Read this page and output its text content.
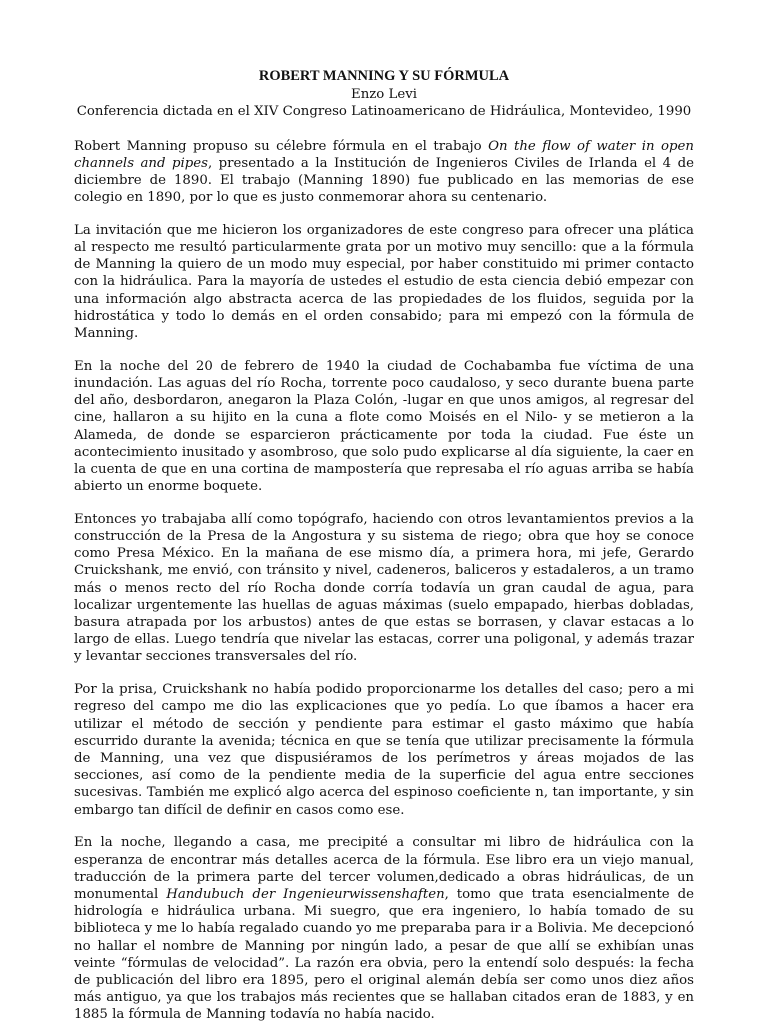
ROBERT MANNING Y SU FÓRMULA

Enzo Levi

Conferencia dictada en el XIV Congreso Latinoamericano de Hidráulica, Montevideo, 1990

Robert Manning propuso su célebre fórmula en el trabajo On the flow of water in open channels and pipes, presentado a la Institución de Ingenieros Civiles de Irlanda el 4 de diciembre de 1890. El trabajo (Manning 1890) fue publicado en las memorias de ese colegio en 1890, por lo que es justo conmemorar ahora su centenario.

La invitación que me hicieron los organizadores de este congreso para ofrecer una plática al respecto me resultó particularmente grata por un motivo muy sencillo: que a la fórmula de Manning la quiero de un modo muy especial, por haber constituido mi primer contacto con la hidráulica. Para la mayoría de ustedes el estudio de esta ciencia debió empezar con una información algo abstracta acerca de las propiedades de los fluidos, seguida por la hidrostática y todo lo demás en el orden consabido; para mi empezó con la fórmula de Manning.

En la noche del 20 de febrero de 1940 la ciudad de Cochabamba fue víctima de una inundación. Las aguas del río Rocha, torrente poco caudaloso, y seco durante buena parte del año, desbordaron, anegaron la Plaza Colón, -lugar en que unos amigos, al regresar del cine, hallaron a su hijito en la cuna a flote como Moisés en el Nilo- y se metieron a la Alameda, de donde se esparcieron prácticamente por toda la ciudad. Fue éste un acontecimiento inusitado y asombroso, que solo pudo explicarse al día siguiente, la caer en la cuenta de que en una cortina de mampostería que represaba el río aguas arriba se había abierto un enorme boquete.

Entonces yo trabajaba allí como topógrafo, haciendo con otros levantamientos previos a la construcción de la Presa de la Angostura y su sistema de riego; obra que hoy se conoce como Presa México. En la mañana de ese mismo día, a primera hora, mi jefe, Gerardo Cruickshank, me envió, con tránsito y nivel, cadeneros, baliceros y estadaleros, a un tramo más o menos recto del río Rocha donde corría todavía un gran caudal de agua, para localizar urgentemente las huellas de aguas máximas (suelo empapado, hierbas dobladas, basura atrapada por los arbustos) antes de que estas se borrasen, y clavar estacas a lo largo de ellas. Luego tendría que nivelar las estacas, correr una poligonal, y además trazar y levantar secciones transversales del río.

Por la prisa, Cruickshank no había podido proporcionarme los detalles del caso; pero a mi regreso del campo me dio las explicaciones que yo pedía. Lo que íbamos a hacer era utilizar el método de sección y pendiente para estimar el gasto máximo que había escurrido durante la avenida; técnica en que se tenía que utilizar precisamente la fórmula de Manning, una vez que dispusiéramos de los perímetros y áreas mojados de las secciones, así como de la pendiente media de la superficie del agua entre secciones sucesivas. También me explicó algo acerca del espinoso coeficiente n, tan importante, y sin embargo tan difícil de definir en casos como ese.

En la noche, llegando a casa, me precipité a consultar mi libro de hidráulica con la esperanza de encontrar más detalles acerca de la fórmula. Ese libro era un viejo manual, traducción de la primera parte del tercer volumen,dedicado a obras hidráulicas, de un monumental Handubuch der Ingenieurwissenshaften, tomo que trata esencialmente de hidrología e hidráulica urbana. Mi suegro, que era ingeniero, lo había tomado de su biblioteca y me lo había regalado cuando yo me preparaba para ir a Bolivia. Me decepcionó no hallar el nombre de Manning por ningún lado, a pesar de que allí se exhibían unas veinte “fórmulas de velocidad”. La razón era obvia, pero la entendí solo después: la fecha de publicación del libro era 1895, pero el original alemán debía ser como unos diez años más antiguo, ya que los trabajos más recientes que se hallaban citados eran de 1883, y en 1885 la fórmula de Manning todavía no había nacido.
